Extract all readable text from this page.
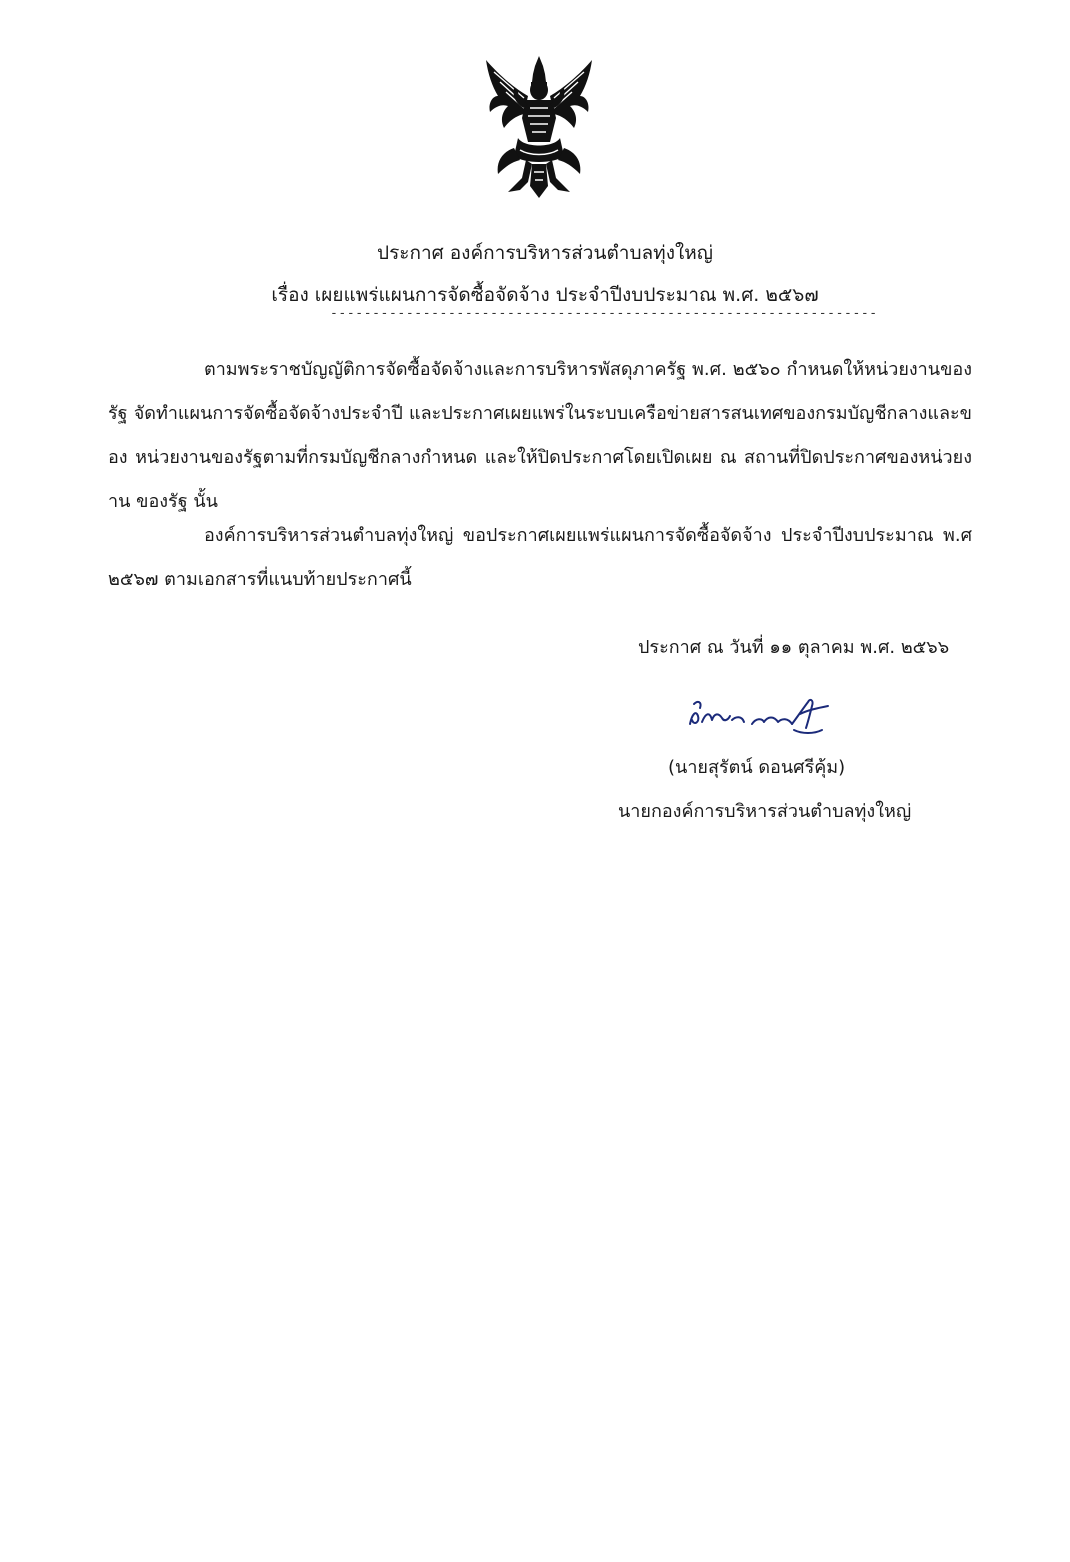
ประกาศ องค์การบริหารส่วนตำบลทุ่งใหญ่
เรื่อง เผยแพร่แผนการจัดซื้อจัดจ้าง ประจำปีงบประมาณ พ.ศ. ๒๕๖๗
-----------------------------------------------------------------
ตามพระราชบัญญัติการจัดซื้อจัดจ้างและการบริหารพัสดุภาครัฐ พ.ศ. ๒๕๖๐ กำหนดให้หน่วยงานของรัฐ จัดทำแผนการจัดซื้อจัดจ้างประจำปี และประกาศเผยแพร่ในระบบเครือข่ายสารสนเทศของกรมบัญชีกลางและของ หน่วยงานของรัฐตามที่กรมบัญชีกลางกำหนด และให้ปิดประกาศโดยเปิดเผย ณ สถานที่ปิดประกาศของหน่วยงาน ของรัฐ นั้น
องค์การบริหารส่วนตำบลทุ่งใหญ่ ขอประกาศเผยแพร่แผนการจัดซื้อจัดจ้าง ประจำปีงบประมาณ พ.ศ ๒๕๖๗ ตามเอกสารที่แนบท้ายประกาศนี้
ประกาศ ณ วันที่ ๑๑ ตุลาคม พ.ศ. ๒๕๖๖
(นายสุรัตน์ ดอนศรีคุ้ม)
นายกองค์การบริหารส่วนตำบลทุ่งใหญ่
